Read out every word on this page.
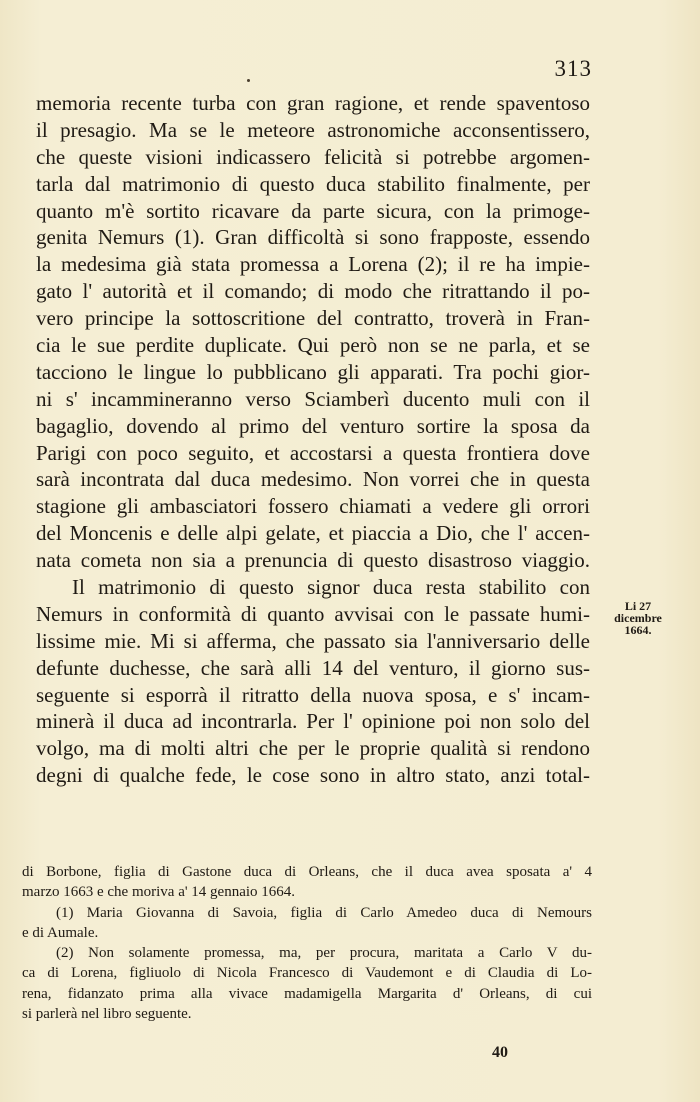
313
memoria recente turba con gran ragione, et rende spaventoso
il presagio. Ma se le meteore astronomiche acconsentissero,
che queste visioni indicassero felicità si potrebbe argomen-
tarla dal matrimonio di questo duca stabilito finalmente, per
quanto m'è sortito ricavare da parte sicura, con la primoge-
genita Nemurs (1). Gran difficoltà si sono frapposte, essendo
la medesima già stata promessa a Lorena (2); il re ha impie-
gato l' autorità et il comando; di modo che ritrattando il po-
vero principe la sottoscritione del contratto, troverà in Fran-
cia le sue perdite duplicate. Qui però non se ne parla, et se
tacciono le lingue lo pubblicano gli apparati. Tra pochi gior-
ni s' incammineranno verso Sciamberì ducento muli con il
bagaglio, dovendo al primo del venturo sortire la sposa da
Parigi con poco seguito, et accostarsi a questa frontiera dove
sarà incontrata dal duca medesimo. Non vorrei che in questa
stagione gli ambasciatori fossero chiamati a vedere gli orrori
del Moncenis e delle alpi gelate, et piaccia a Dio, che l' accen-
nata cometa non sia a prenuncia di questo disastroso viaggio.
Il matrimonio di questo signor duca resta stabilito con
Nemurs in conformità di quanto avvisai con le passate humi-
lissime mie. Mi si afferma, che passato sia l'anniversario delle
defunte duchesse, che sarà alli 14 del venturo, il giorno sus-
seguente si esporrà il ritratto della nuova sposa, e s' incam-
minerà il duca ad incontrarla. Per l' opinione poi non solo del
volgo, ma di molti altri che per le proprie qualità si rendono
degni di qualche fede, le cose sono in altro stato, anzi total-
Li 27
dicembre
1664.
di Borbone, figlia di Gastone duca di Orleans, che il duca avea sposata a' 4
marzo 1663 e che moriva a' 14 gennaio 1664.
(1) Maria Giovanna di Savoia, figlia di Carlo Amedeo duca di Nemours
e di Aumale.
(2) Non solamente promessa, ma, per procura, maritata a Carlo V du-
ca di Lorena, figliuolo di Nicola Francesco di Vaudemont e di Claudia di Lo-
rena, fidanzato prima alla vivace madamigella Margarita d' Orleans, di cui
si parlerà nel libro seguente.
40
